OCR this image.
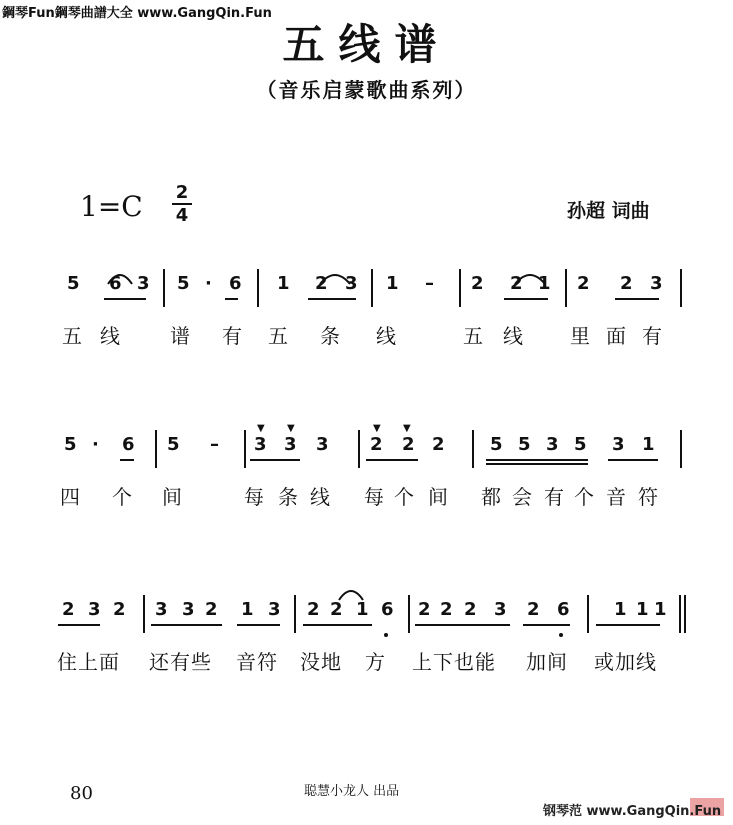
鋼琴Fun鋼琴曲譜大全 www.GangQin.Fun
五线谱
（音乐启蒙歌曲系列）
1=C 2
4	孙超 词曲
5 6 3 5 · 6 1 2 3 1 – 2 2 1 2 2 3
五 线 谱 有 五 条 线	五 线 里 面 有
5 · 6 5 – 3 3 3 2 2 2	5 5 3 5 3 1
四 个 间	每 条 线 每 个 间 都 会 有 个 音 符
▼ ▼	▼ ▼
2 3 2 3 3 2 1 3 2 2 1 6 2 2 2 3 2 6 1 1 1
住上面 还有些 音符 没地 方 上下也能 加间 或加线
80	聪慧小龙人 出品
钢琴范 www.GangQin.Fun
